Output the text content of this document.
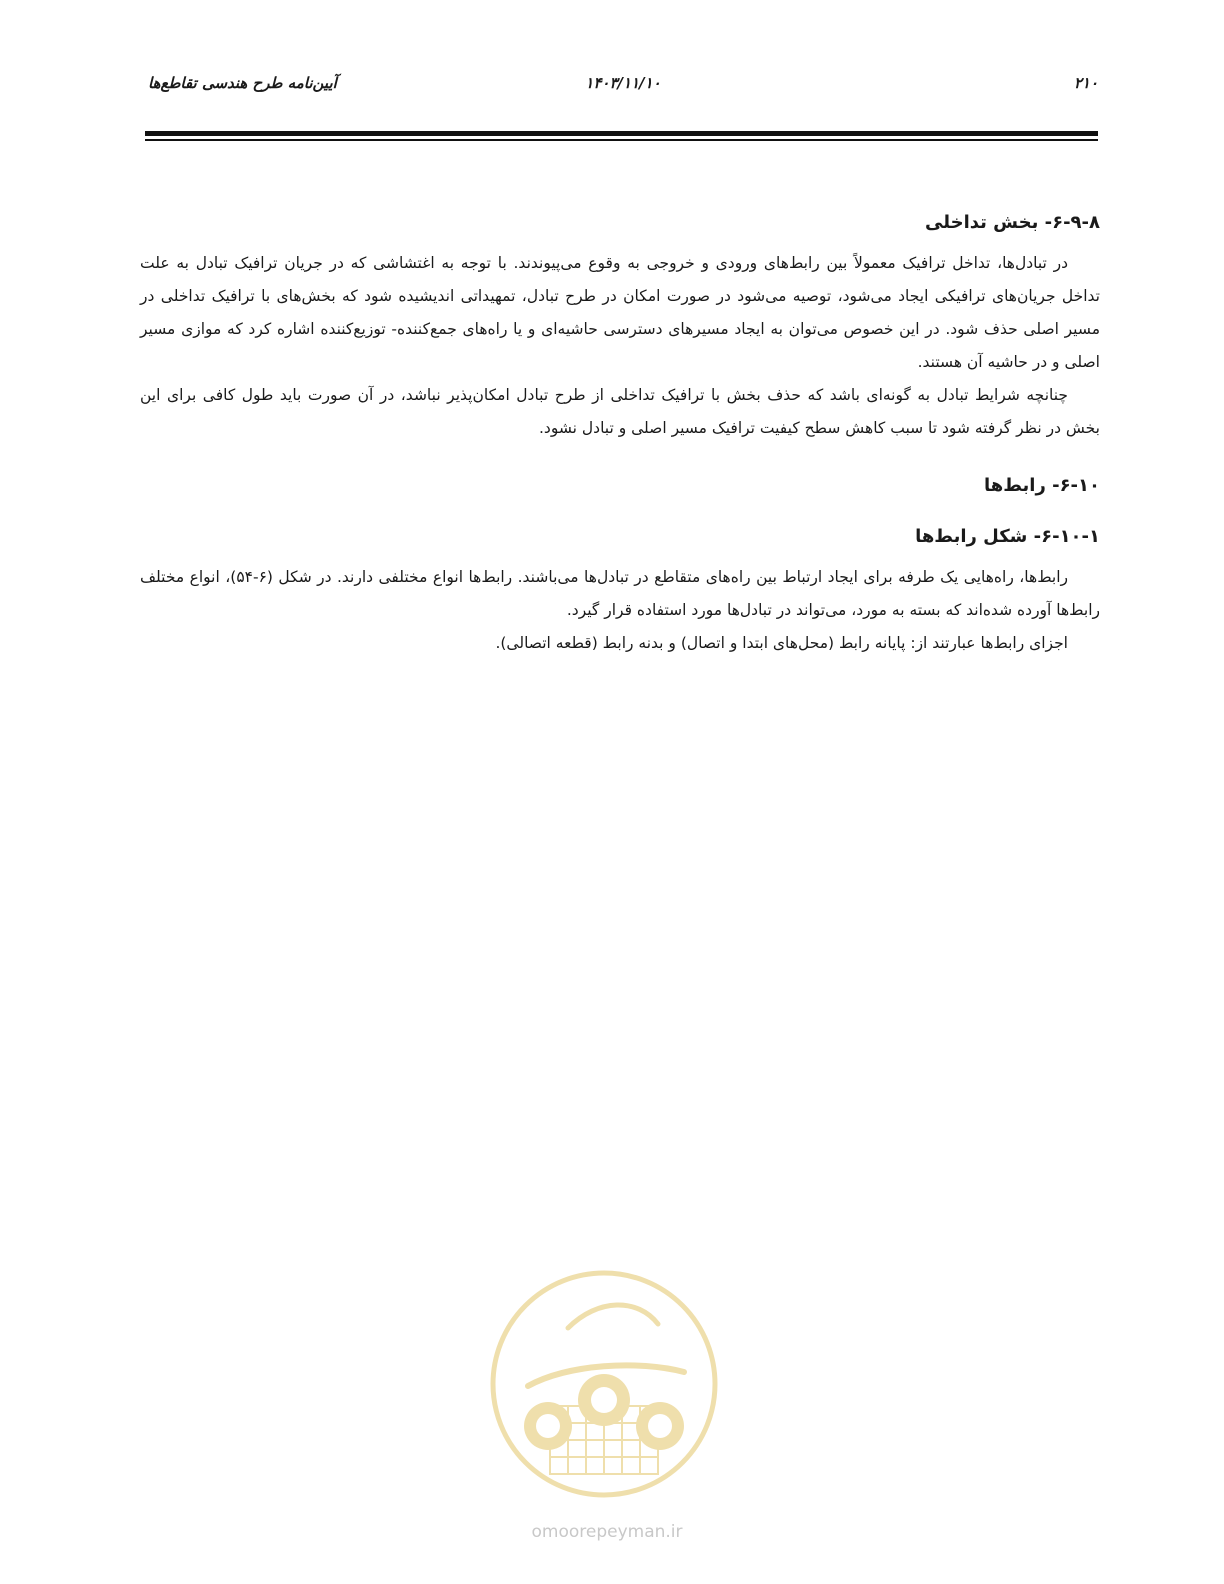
۲۱۰
۱۴۰۳/۱۱/۱۰
آیین‌نامه طرح هندسی تقاطع‌ها
۶-۹-۸- بخش تداخلی

در تبادل‌ها، تداخل ترافیک معمولاً بین رابط‌های ورودی و خروجی به وقوع می‌پیوندند. با توجه به اغتشاشی که در جریان ترافیک تبادل به علت تداخل جریان‌های ترافیکی ایجاد می‌شود، توصیه می‌شود در صورت امکان در طرح تبادل، تمهیداتی اندیشیده شود که بخش‌های با ترافیک تداخلی در مسیر اصلی حذف شود. در این خصوص می‌توان به ایجاد مسیرهای دسترسی حاشیه‌ای و یا راه‌های جمع‌کننده- توزیع‌کننده اشاره کرد که موازی مسیر اصلی و در حاشیه آن هستند.

چنانچه شرایط تبادل به گونه‌ای باشد که حذف بخش با ترافیک تداخلی از طرح تبادل امکان‌پذیر نباشد، در آن صورت باید طول کافی برای این بخش در نظر گرفته شود تا سبب کاهش سطح کیفیت ترافیک مسیر اصلی و تبادل نشود.

۶-۱۰- رابط‌ها
۶-۱۰-۱- شکل رابط‌ها

رابط‌ها، راه‌هایی یک طرفه برای ایجاد ارتباط بین راه‌های متقاطع در تبادل‌ها می‌باشند. رابط‌ها انواع مختلفی دارند. در شکل (۶-۵۴)، انواع مختلف رابط‌ها آورده شده‌اند که بسته به مورد، می‌تواند در تبادل‌ها مورد استفاده قرار گیرد.

اجزای رابط‌ها عبارتند از: پایانه رابط (محل‌های ابتدا و اتصال) و بدنه رابط (قطعه اتصالی).

omoorepeyman.ir
